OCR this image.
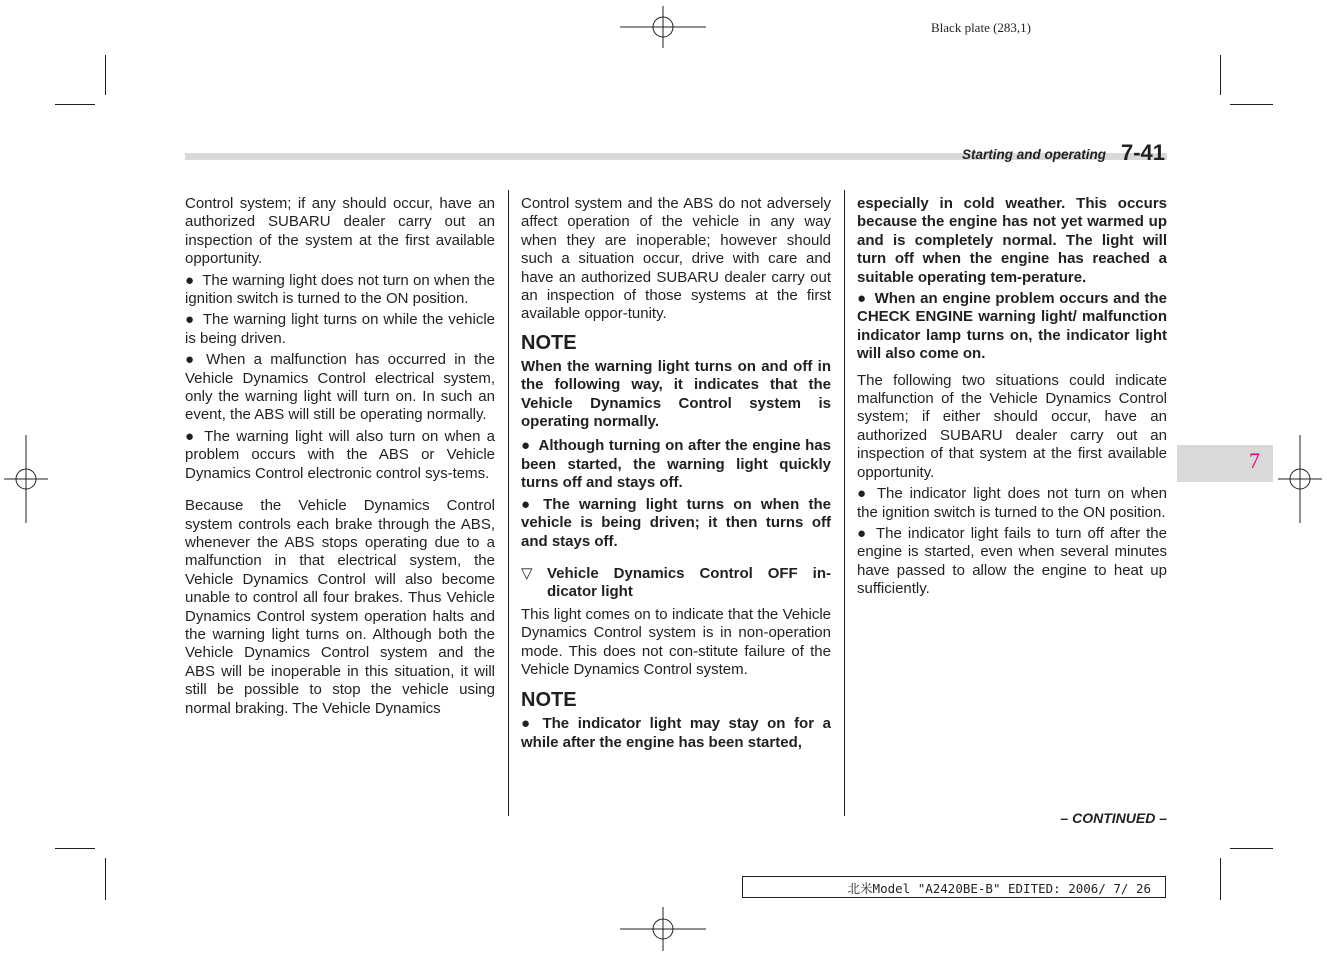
Black plate (283,1)
Starting and operating 7-41
7

Control system; if any should occur, have an authorized SUBARU dealer carry out an inspection of the system at the first available opportunity.

● The warning light does not turn on when the ignition switch is turned to the ON position.

● The warning light turns on while the vehicle is being driven.

● When a malfunction has occurred in the Vehicle Dynamics Control electrical system, only the warning light will turn on. In such an event, the ABS will still be operating normally.

● The warning light will also turn on when a problem occurs with the ABS or Vehicle Dynamics Control electronic control sys-tems.

Because the Vehicle Dynamics Control system controls each brake through the ABS, whenever the ABS stops operating due to a malfunction in that electrical system, the Vehicle Dynamics Control will also become unable to control all four brakes. Thus Vehicle Dynamics Control system operation halts and the warning light turns on. Although both the Vehicle Dynamics Control system and the ABS will be inoperable in this situation, it will still be possible to stop the vehicle using normal braking. The Vehicle Dynamics

Control system and the ABS do not adversely affect operation of the vehicle in any way when they are inoperable; however should such a situation occur, drive with care and have an authorized SUBARU dealer carry out an inspection of those systems at the first available oppor-tunity.

NOTE

When the warning light turns on and off in the following way, it indicates that the Vehicle Dynamics Control system is operating normally.

● Although turning on after the engine has been started, the warning light quickly turns off and stays off.

● The warning light turns on when the vehicle is being driven; it then turns off and stays off.

▽ Vehicle Dynamics Control OFF in-dicator light

This light comes on to indicate that the Vehicle Dynamics Control system is in non-operation mode. This does not con-stitute failure of the Vehicle Dynamics Control system.

NOTE

● The indicator light may stay on for a while after the engine has been started,

especially in cold weather. This occurs because the engine has not yet warmed up and is completely normal. The light will turn off when the engine has reached a suitable operating tem-perature.

● When an engine problem occurs and the CHECK ENGINE warning light/ malfunction indicator lamp turns on, the indicator light will also come on.

The following two situations could indicate malfunction of the Vehicle Dynamics Control system; if either should occur, have an authorized SUBARU dealer carry out an inspection of that system at the first available opportunity.

● The indicator light does not turn on when the ignition switch is turned to the ON position.

● The indicator light fails to turn off after the engine is started, even when several minutes have passed to allow the engine to heat up sufficiently.

– CONTINUED –
北米Model "A2420BE-B" EDITED: 2006/ 7/ 26
